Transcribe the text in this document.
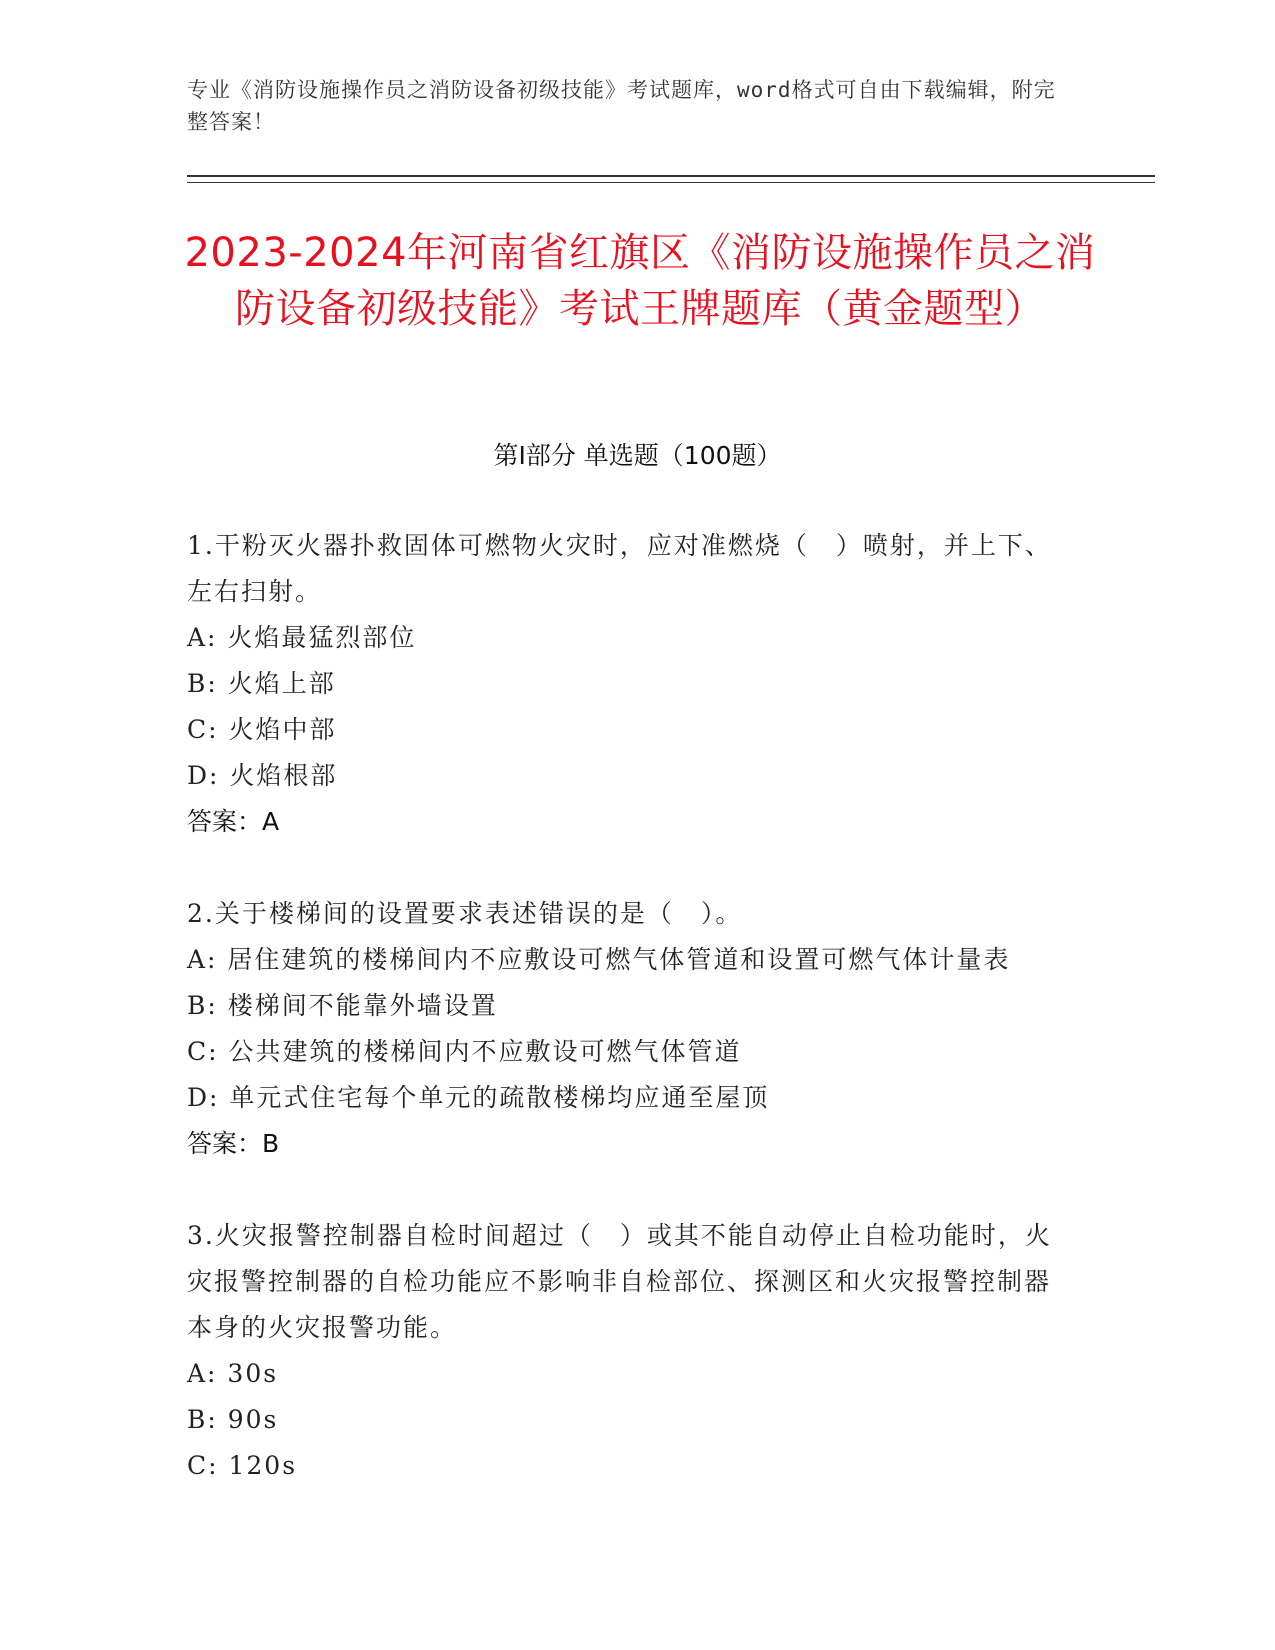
专业《消防设施操作员之消防设备初级技能》考试题库，word格式可自由下载编辑，附完整答案！
2023-2024年河南省红旗区《消防设施操作员之消防设备初级技能》考试王牌题库（黄金题型）
第I部分 单选题（100题）
1.干粉灭火器扑救固体可燃物火灾时，应对准燃烧（　）喷射，并上下、左右扫射。
A: 火焰最猛烈部位
B: 火焰上部
C: 火焰中部
D: 火焰根部
答案：A
2.关于楼梯间的设置要求表述错误的是（　）。
A: 居住建筑的楼梯间内不应敷设可燃气体管道和设置可燃气体计量表
B: 楼梯间不能靠外墙设置
C: 公共建筑的楼梯间内不应敷设可燃气体管道
D: 单元式住宅每个单元的疏散楼梯均应通至屋顶
答案：B
3.火灾报警控制器自检时间超过（　）或其不能自动停止自检功能时，火灾报警控制器的自检功能应不影响非自检部位、探测区和火灾报警控制器本身的火灾报警功能。
A: 30s
B: 90s
C: 120s
